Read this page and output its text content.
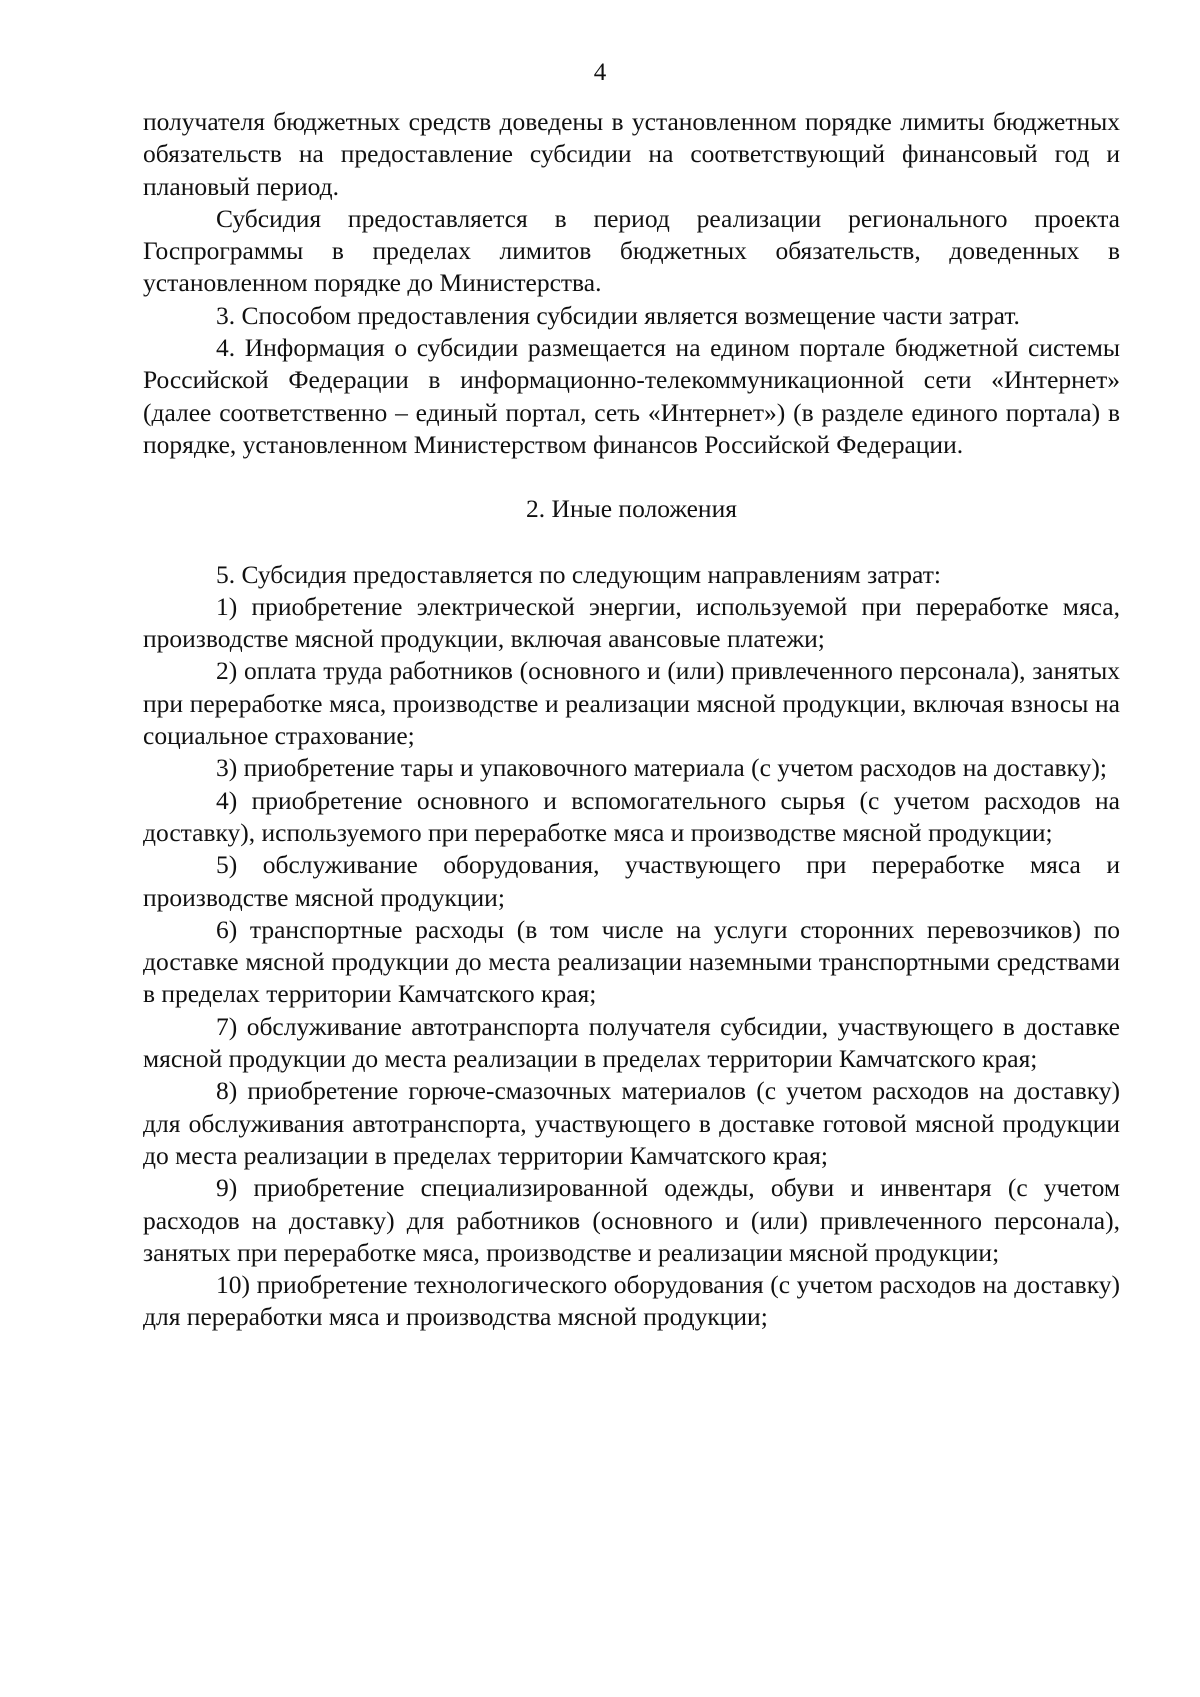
4

получателя бюджетных средств доведены в установленном порядке лимиты бюджетных обязательств на предоставление субсидии на соответствующий финансовый год и плановый период.

Субсидия предоставляется в период реализации регионального проекта Госпрограммы в пределах лимитов бюджетных обязательств, доведенных в установленном порядке до Министерства.

3. Способом предоставления субсидии является возмещение части затрат.

4. Информация о субсидии размещается на едином портале бюджетной системы Российской Федерации в информационно-телекоммуникационной сети «Интернет» (далее соответственно – единый портал, сеть «Интернет») (в разделе единого портала) в порядке, установленном Министерством финансов Российской Федерации.

2. Иные положения

5. Субсидия предоставляется по следующим направлениям затрат:

1) приобретение электрической энергии, используемой при переработке мяса, производстве мясной продукции, включая авансовые платежи;
2) оплата труда работников (основного и (или) привлеченного персонала), занятых при переработке мяса, производстве и реализации мясной продукции, включая взносы на социальное страхование;
3) приобретение тары и упаковочного материала (с учетом расходов на доставку);
4) приобретение основного и вспомогательного сырья (с учетом расходов на доставку), используемого при переработке мяса и производстве мясной продукции;
5) обслуживание оборудования, участвующего при переработке мяса и производстве мясной продукции;
6) транспортные расходы (в том числе на услуги сторонних перевозчиков) по доставке мясной продукции до места реализации наземными транспортными средствами в пределах территории Камчатского края;
7) обслуживание автотранспорта получателя субсидии, участвующего в доставке мясной продукции до места реализации в пределах территории Камчатского края;
8) приобретение горюче-смазочных материалов (с учетом расходов на доставку) для обслуживания автотранспорта, участвующего в доставке готовой мясной продукции до места реализации в пределах территории Камчатского края;
9) приобретение специализированной одежды, обуви и инвентаря (с учетом расходов на доставку) для работников (основного и (или) привлеченного персонала), занятых при переработке мяса, производстве и реализации мясной продукции;
10) приобретение технологического оборудования (с учетом расходов на доставку) для переработки мяса и производства мясной продукции;
